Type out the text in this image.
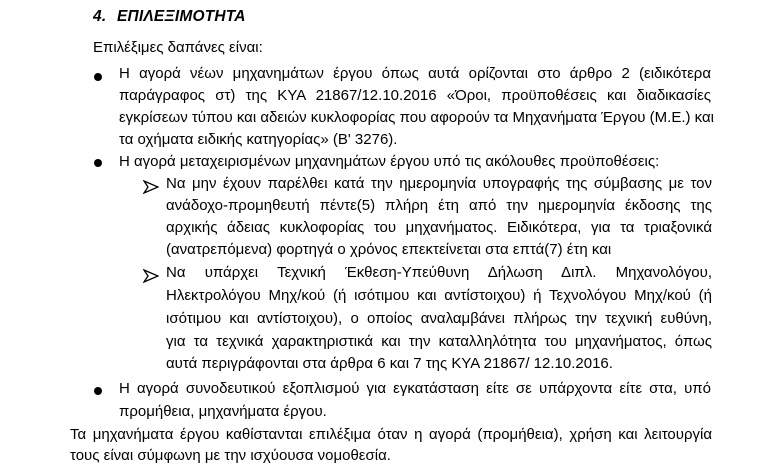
4. ΕΠΙΛΕΞΙΜΟΤΗΤΑ
Επιλέξιμες δαπάνες είναι:
Η αγορά νέων μηχανημάτων έργου όπως αυτά ορίζονται στο άρθρο 2 (ειδικότερα
παράγραφος στ) της ΚΥΑ 21867/12.10.2016 «Όροι, προϋποθέσεις και διαδικασίες
εγκρίσεων τύπου και αδειών κυκλοφορίας που αφορούν τα Μηχανήματα Έργου (Μ.Ε.) και
τα οχήματα ειδικής κατηγορίας» (Β' 3276).
Η αγορά μεταχειρισμένων μηχανημάτων έργου υπό τις ακόλουθες προϋποθέσεις:
Να μην έχουν παρέλθει κατά την ημερομηνία υπογραφής της σύμβασης με τον
ανάδοχο-προμηθευτή πέντε(5) πλήρη έτη από την ημερομηνία έκδοσης της
αρχικής άδειας κυκλοφορίας του μηχανήματος. Ειδικότερα, για τα τριαξονικά
(ανατρεπόμενα) φορτηγά ο χρόνος επεκτείνεται στα επτά(7) έτη και
Να υπάρχει Τεχνική Έκθεση-Υπεύθυνη Δήλωση Διπλ. Μηχανολόγου,
Ηλεκτρολόγου Μηχ/κού (ή ισότιμου και αντίστοιχου) ή Τεχνολόγου Μηχ/κού (ή
ισότιμου και αντίστοιχου), ο οποίος αναλαμβάνει πλήρως την τεχνική ευθύνη,
για τα τεχνικά χαρακτηριστικά και την καταλληλότητα του μηχανήματος, όπως
αυτά περιγράφονται στα άρθρα 6 και 7 της ΚΥΑ 21867/ 12.10.2016.
Η αγορά συνοδευτικού εξοπλισμού για εγκατάσταση είτε σε υπάρχοντα είτε στα, υπό
προμήθεια, μηχανήματα έργου.
Τα μηχανήματα έργου καθίστανται επιλέξιμα όταν η αγορά (προμήθεια), χρήση και λειτουργία
τους είναι σύμφωνη με την ισχύουσα νομοθεσία.
